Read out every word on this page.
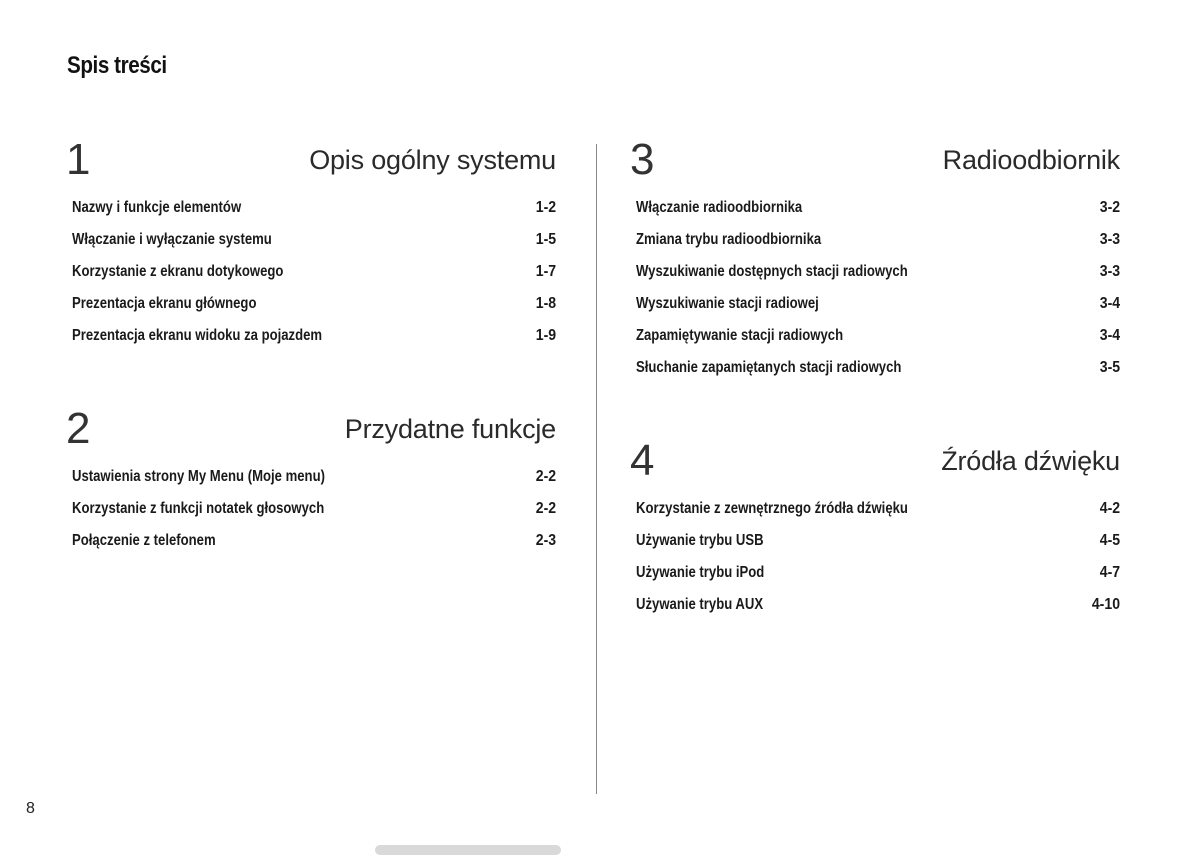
Spis treści
1	Opis ogólny systemu
Nazwy i funkcje elementów	1-2
Włączanie i wyłączanie systemu	1-5
Korzystanie z ekranu dotykowego	1-7
Prezentacja ekranu głównego	1-8
Prezentacja ekranu widoku za pojazdem	1-9
2	Przydatne funkcje
Ustawienia strony My Menu (Moje menu)	2-2
Korzystanie z funkcji notatek głosowych	2-2
Połączenie z telefonem	2-3
3	Radioodbiornik
Włączanie radioodbiornika	3-2
Zmiana trybu radioodbiornika	3-3
Wyszukiwanie dostępnych stacji radiowych	3-3
Wyszukiwanie stacji radiowej	3-4
Zapamiętywanie stacji radiowych	3-4
Słuchanie zapamiętanych stacji radiowych	3-5
4	Źródła dźwięku
Korzystanie z zewnętrznego źródła dźwięku	4-2
Używanie trybu USB	4-5
Używanie trybu iPod	4-7
Używanie trybu AUX	4-10
8
